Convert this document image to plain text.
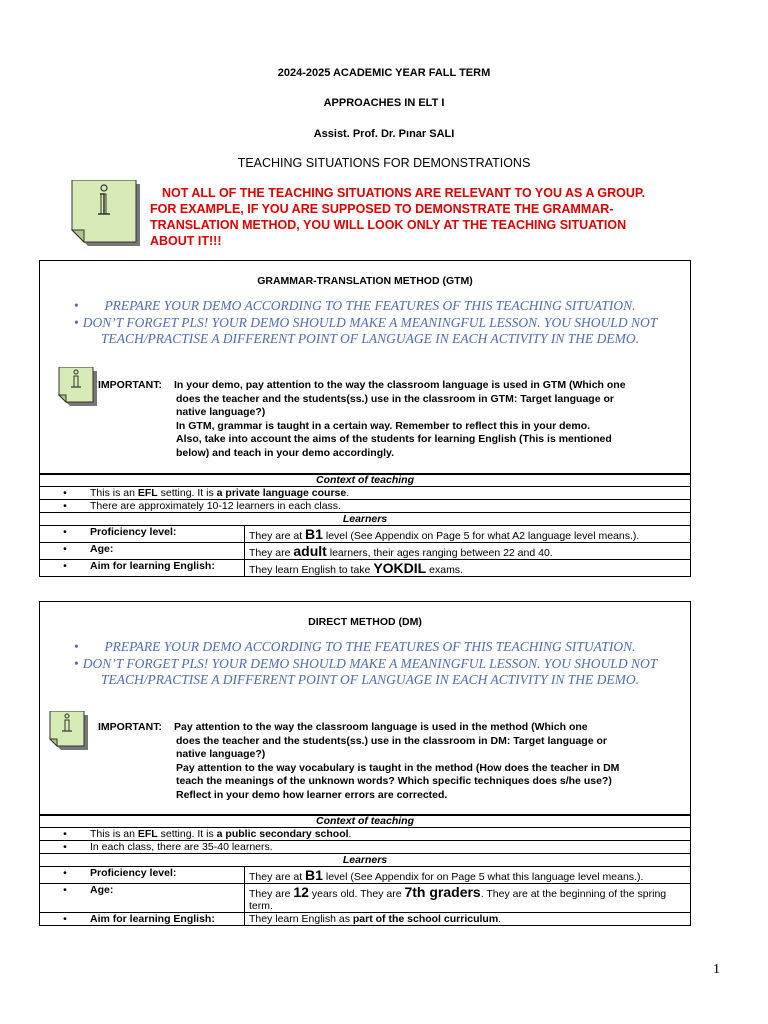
2024-2025 ACADEMIC YEAR FALL TERM
APPROACHES IN ELT I
Assist. Prof. Dr. Pınar SALI
TEACHING SITUATIONS FOR DEMONSTRATIONS
NOT ALL OF THE TEACHING SITUATIONS ARE RELEVANT TO YOU AS A GROUP. FOR EXAMPLE, IF YOU ARE SUPPOSED TO DEMONSTRATE THE GRAMMAR-TRANSLATION METHOD, YOU WILL LOOK ONLY AT THE TEACHING SITUATION ABOUT IT!!!
GRAMMAR-TRANSLATION METHOD (GTM)
• PREPARE YOUR DEMO ACCORDING TO THE FEATURES OF THIS TEACHING SITUATION.
• DON’T FORGET PLS! YOUR DEMO SHOULD MAKE A MEANINGFUL LESSON. YOU SHOULD NOT TEACH/PRACTISE A DIFFERENT POINT OF LANGUAGE IN EACH ACTIVITY IN THE DEMO.
IMPORTANT: In your demo, pay attention to the way the classroom language is used in GTM (Which one
does the teacher and the students(ss.) use in the classroom in GTM: Target language or
native language?)
In GTM, grammar is taught in a certain way. Remember to reflect this in your demo.
Also, take into account the aims of the students for learning English (This is mentioned
below) and teach in your demo accordingly.
Context of teaching	
• This is an EFL setting. It is a private language course.	
• There are approximately 10-12 learners in each class.	
Learners	
• Proficiency level:	They are at B1 level (See Appendix on Page 5 for what A2 language level means.).
• Age:	They are adult learners, their ages ranging between 22 and 40.
• Aim for learning English:	They learn English to take YOKDIL exams.
DIRECT METHOD (DM)
• PREPARE YOUR DEMO ACCORDING TO THE FEATURES OF THIS TEACHING SITUATION.
• DON’T FORGET PLS! YOUR DEMO SHOULD MAKE A MEANINGFUL LESSON. YOU SHOULD NOT TEACH/PRACTISE A DIFFERENT POINT OF LANGUAGE IN EACH ACTIVITY IN THE DEMO.
IMPORTANT: Pay attention to the way the classroom language is used in the method (Which one
does the teacher and the students(ss.) use in the classroom in DM: Target language or
native language?)
Pay attention to the way vocabulary is taught in the method (How does the teacher in DM
teach the meanings of the unknown words? Which specific techniques does s/he use?)
Reflect in your demo how learner errors are corrected.
Context of teaching	
• This is an EFL setting. It is a public secondary school.	
• In each class, there are 35-40 learners.	
Learners	
• Proficiency level:	They are at B1 level (See Appendix for on Page 5 what this language level means.).
• Age:	They are 12 years old. They are 7th graders. They are at the beginning of the spring term.
• Aim for learning English:	They learn English as part of the school curriculum.
1
